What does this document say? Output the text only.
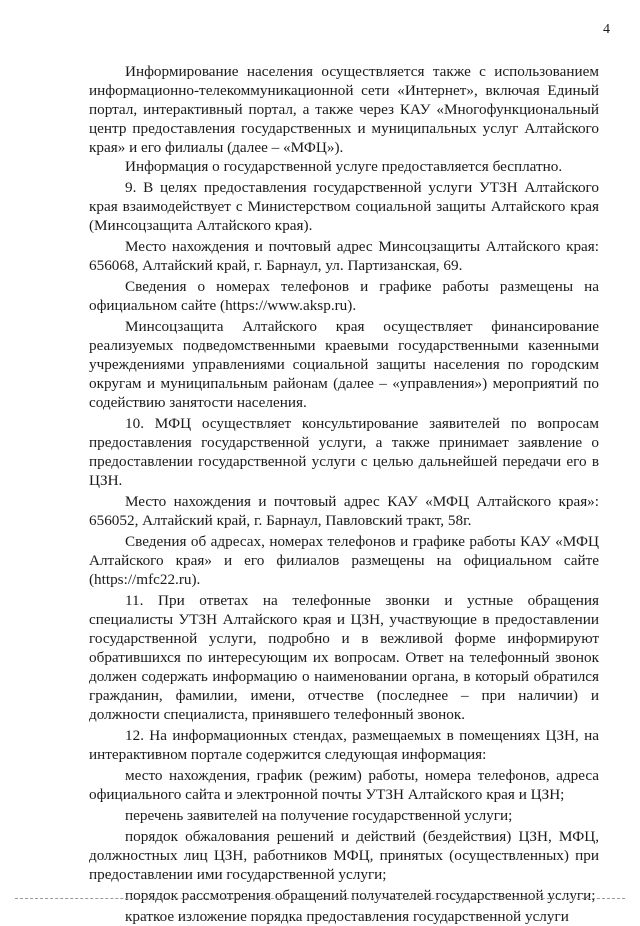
4

Информирование населения осуществляется также с использованием информационно-телекоммуникационной сети «Интернет», включая Единый портал, интерактивный портал, а также через КАУ «Многофункциональный центр предоставления государственных и муниципальных услуг Алтайского края» и его филиалы (далее – «МФЦ»).

Информация о государственной услуге предоставляется бесплатно.

9. В целях предоставления государственной услуги УТЗН Алтайского края взаимодействует с Министерством социальной защиты Алтайского края (Минсоцзащита Алтайского края).

Место нахождения и почтовый адрес Минсоцзащиты Алтайского края: 656068, Алтайский край, г. Барнаул, ул. Партизанская, 69.

Сведения о номерах телефонов и графике работы размещены на официальном сайте (https://www.aksp.ru).

Минсоцзащита Алтайского края осуществляет финансирование реализуемых подведомственными краевыми государственными казенными учреждениями управлениями социальной защиты населения по городским округам и муниципальным районам (далее – «управления») мероприятий по содействию занятости населения.

10. МФЦ осуществляет консультирование заявителей по вопросам предоставления государственной услуги, а также принимает заявление о предоставлении государственной услуги с целью дальнейшей передачи его в ЦЗН.

Место нахождения и почтовый адрес КАУ «МФЦ Алтайского края»: 656052, Алтайский край, г. Барнаул, Павловский тракт, 58г.

Сведения об адресах, номерах телефонов и графике работы КАУ «МФЦ Алтайского края» и его филиалов размещены на официальном сайте (https://mfc22.ru).

11. При ответах на телефонные звонки и устные обращения специалисты УТЗН Алтайского края и ЦЗН, участвующие в предоставлении государственной услуги, подробно и в вежливой форме информируют обратившихся по интересующим их вопросам. Ответ на телефонный звонок должен содержать информацию о наименовании органа, в который обратился гражданин, фамилии, имени, отчестве (последнее – при наличии) и должности специалиста, принявшего телефонный звонок.

12. На информационных стендах, размещаемых в помещениях ЦЗН, на интерактивном портале содержится следующая информация:

место нахождения, график (режим) работы, номера телефонов, адреса официального сайта и электронной почты УТЗН Алтайского края и ЦЗН;

перечень заявителей на получение государственной услуги;

порядок обжалования решений и действий (бездействия) ЦЗН, МФЦ, должностных лиц ЦЗН, работников МФЦ, принятых (осуществленных) при предоставлении ими государственной услуги;

порядок рассмотрения обращений получателей государственной услуги;

краткое изложение порядка предоставления государственной услуги
